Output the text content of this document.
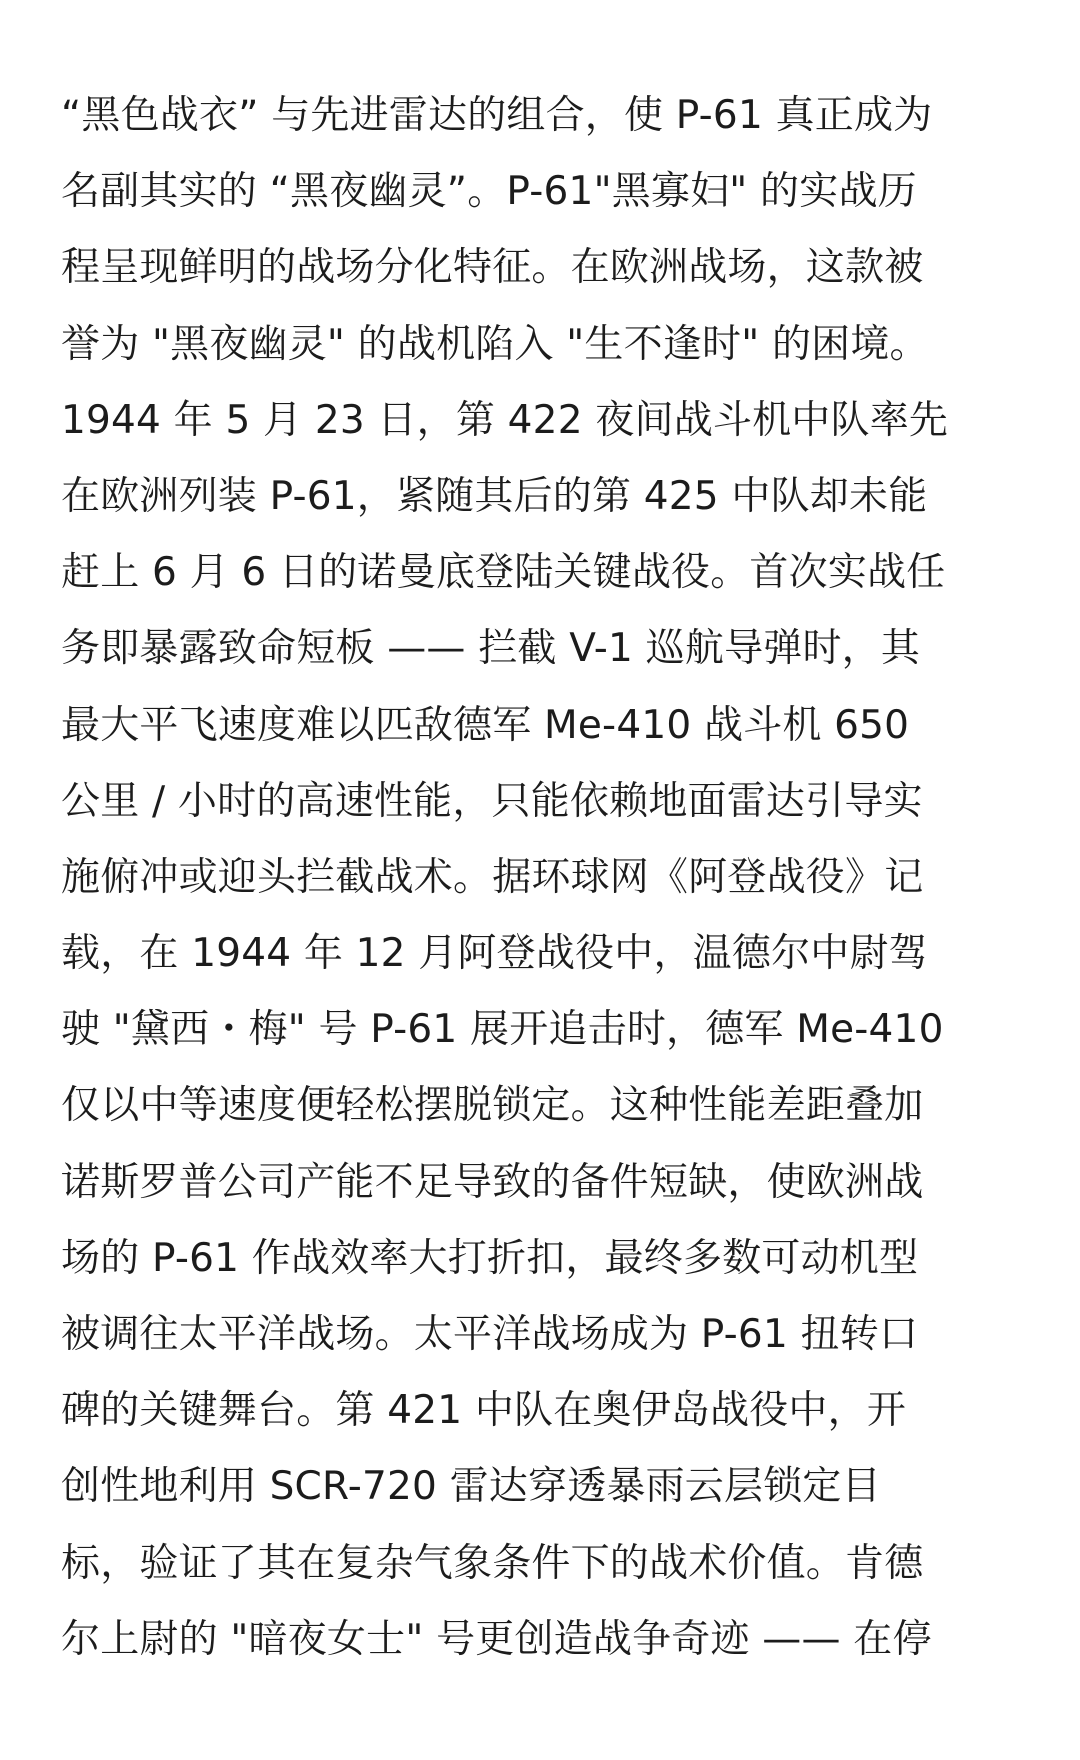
“黑色战衣” 与先进雷达的组合，使 P-61 真正成为
名副其实的 “黑夜幽灵”。P-61"黑寡妇" 的实战历
程呈现鲜明的战场分化特征。在欧洲战场，这款被
誉为 "黑夜幽灵" 的战机陷入 "生不逢时" 的困境。
1944 年 5 月 23 日，第 422 夜间战斗机中队率先
在欧洲列装 P-61，紧随其后的第 425 中队却未能
赶上 6 月 6 日的诺曼底登陆关键战役。首次实战任
务即暴露致命短板 —— 拦截 V-1 巡航导弹时，其
最大平飞速度难以匹敌德军 Me-410 战斗机 650
公里 / 小时的高速性能，只能依赖地面雷达引导实
施俯冲或迎头拦截战术。据环球网《阿登战役》记
载，在 1944 年 12 月阿登战役中，温德尔中尉驾
驶 "黛西・梅" 号 P-61 展开追击时，德军 Me-410
仅以中等速度便轻松摆脱锁定。这种性能差距叠加
诺斯罗普公司产能不足导致的备件短缺，使欧洲战
场的 P-61 作战效率大打折扣，最终多数可动机型
被调往太平洋战场。太平洋战场成为 P-61 扭转口
碑的关键舞台。第 421 中队在奥伊岛战役中，开
创性地利用 SCR-720 雷达穿透暴雨云层锁定目
标，验证了其在复杂气象条件下的战术价值。肯德
尔上尉的 "暗夜女士" 号更创造战争奇迹 —— 在停
